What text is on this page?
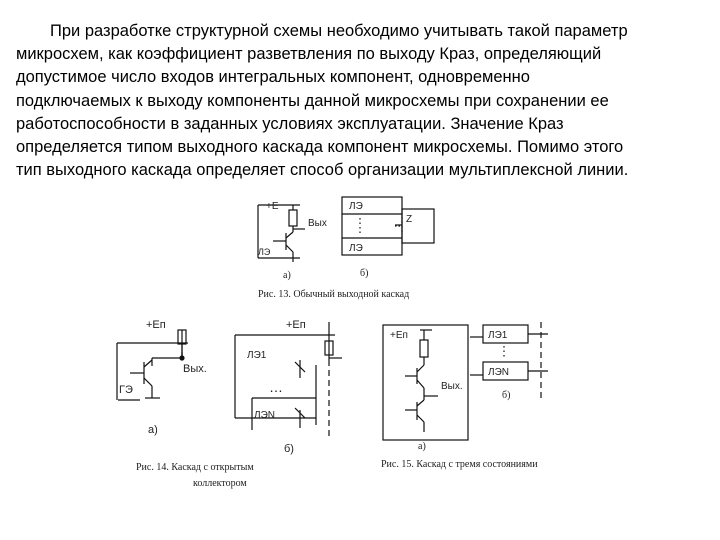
При разработке структурной схемы необходимо учитывать такой параметр
микросхем, как коэффициент разветвления по выходу Краз, определяющий
допустимое число входов интегральных компонент, одновременно
подключаемых к выходу компоненты данной микросхемы при сохранении ее
работоспособности в заданных условиях эксплуатации. Значение Краз
определяется типом выходного каскада компонент микросхемы. Помимо этого
тип выходного каскада определяет способ организации мультиплексной линии.
+E
Вых
ЛЭ
ЛЭ
ЛЭ
Z
а)	б)
Рис. 13. Обычный выходной каскад
+Eп
Вых.
ГЭ
а)
+Eп
ЛЭ1
…
ЛЭN
б)
Рис. 14. Каскад с открытым
коллектором
+Eп
Вых.
а)
ЛЭ1
ЛЭN
б)
Рис. 15. Каскад с тремя состояниями
